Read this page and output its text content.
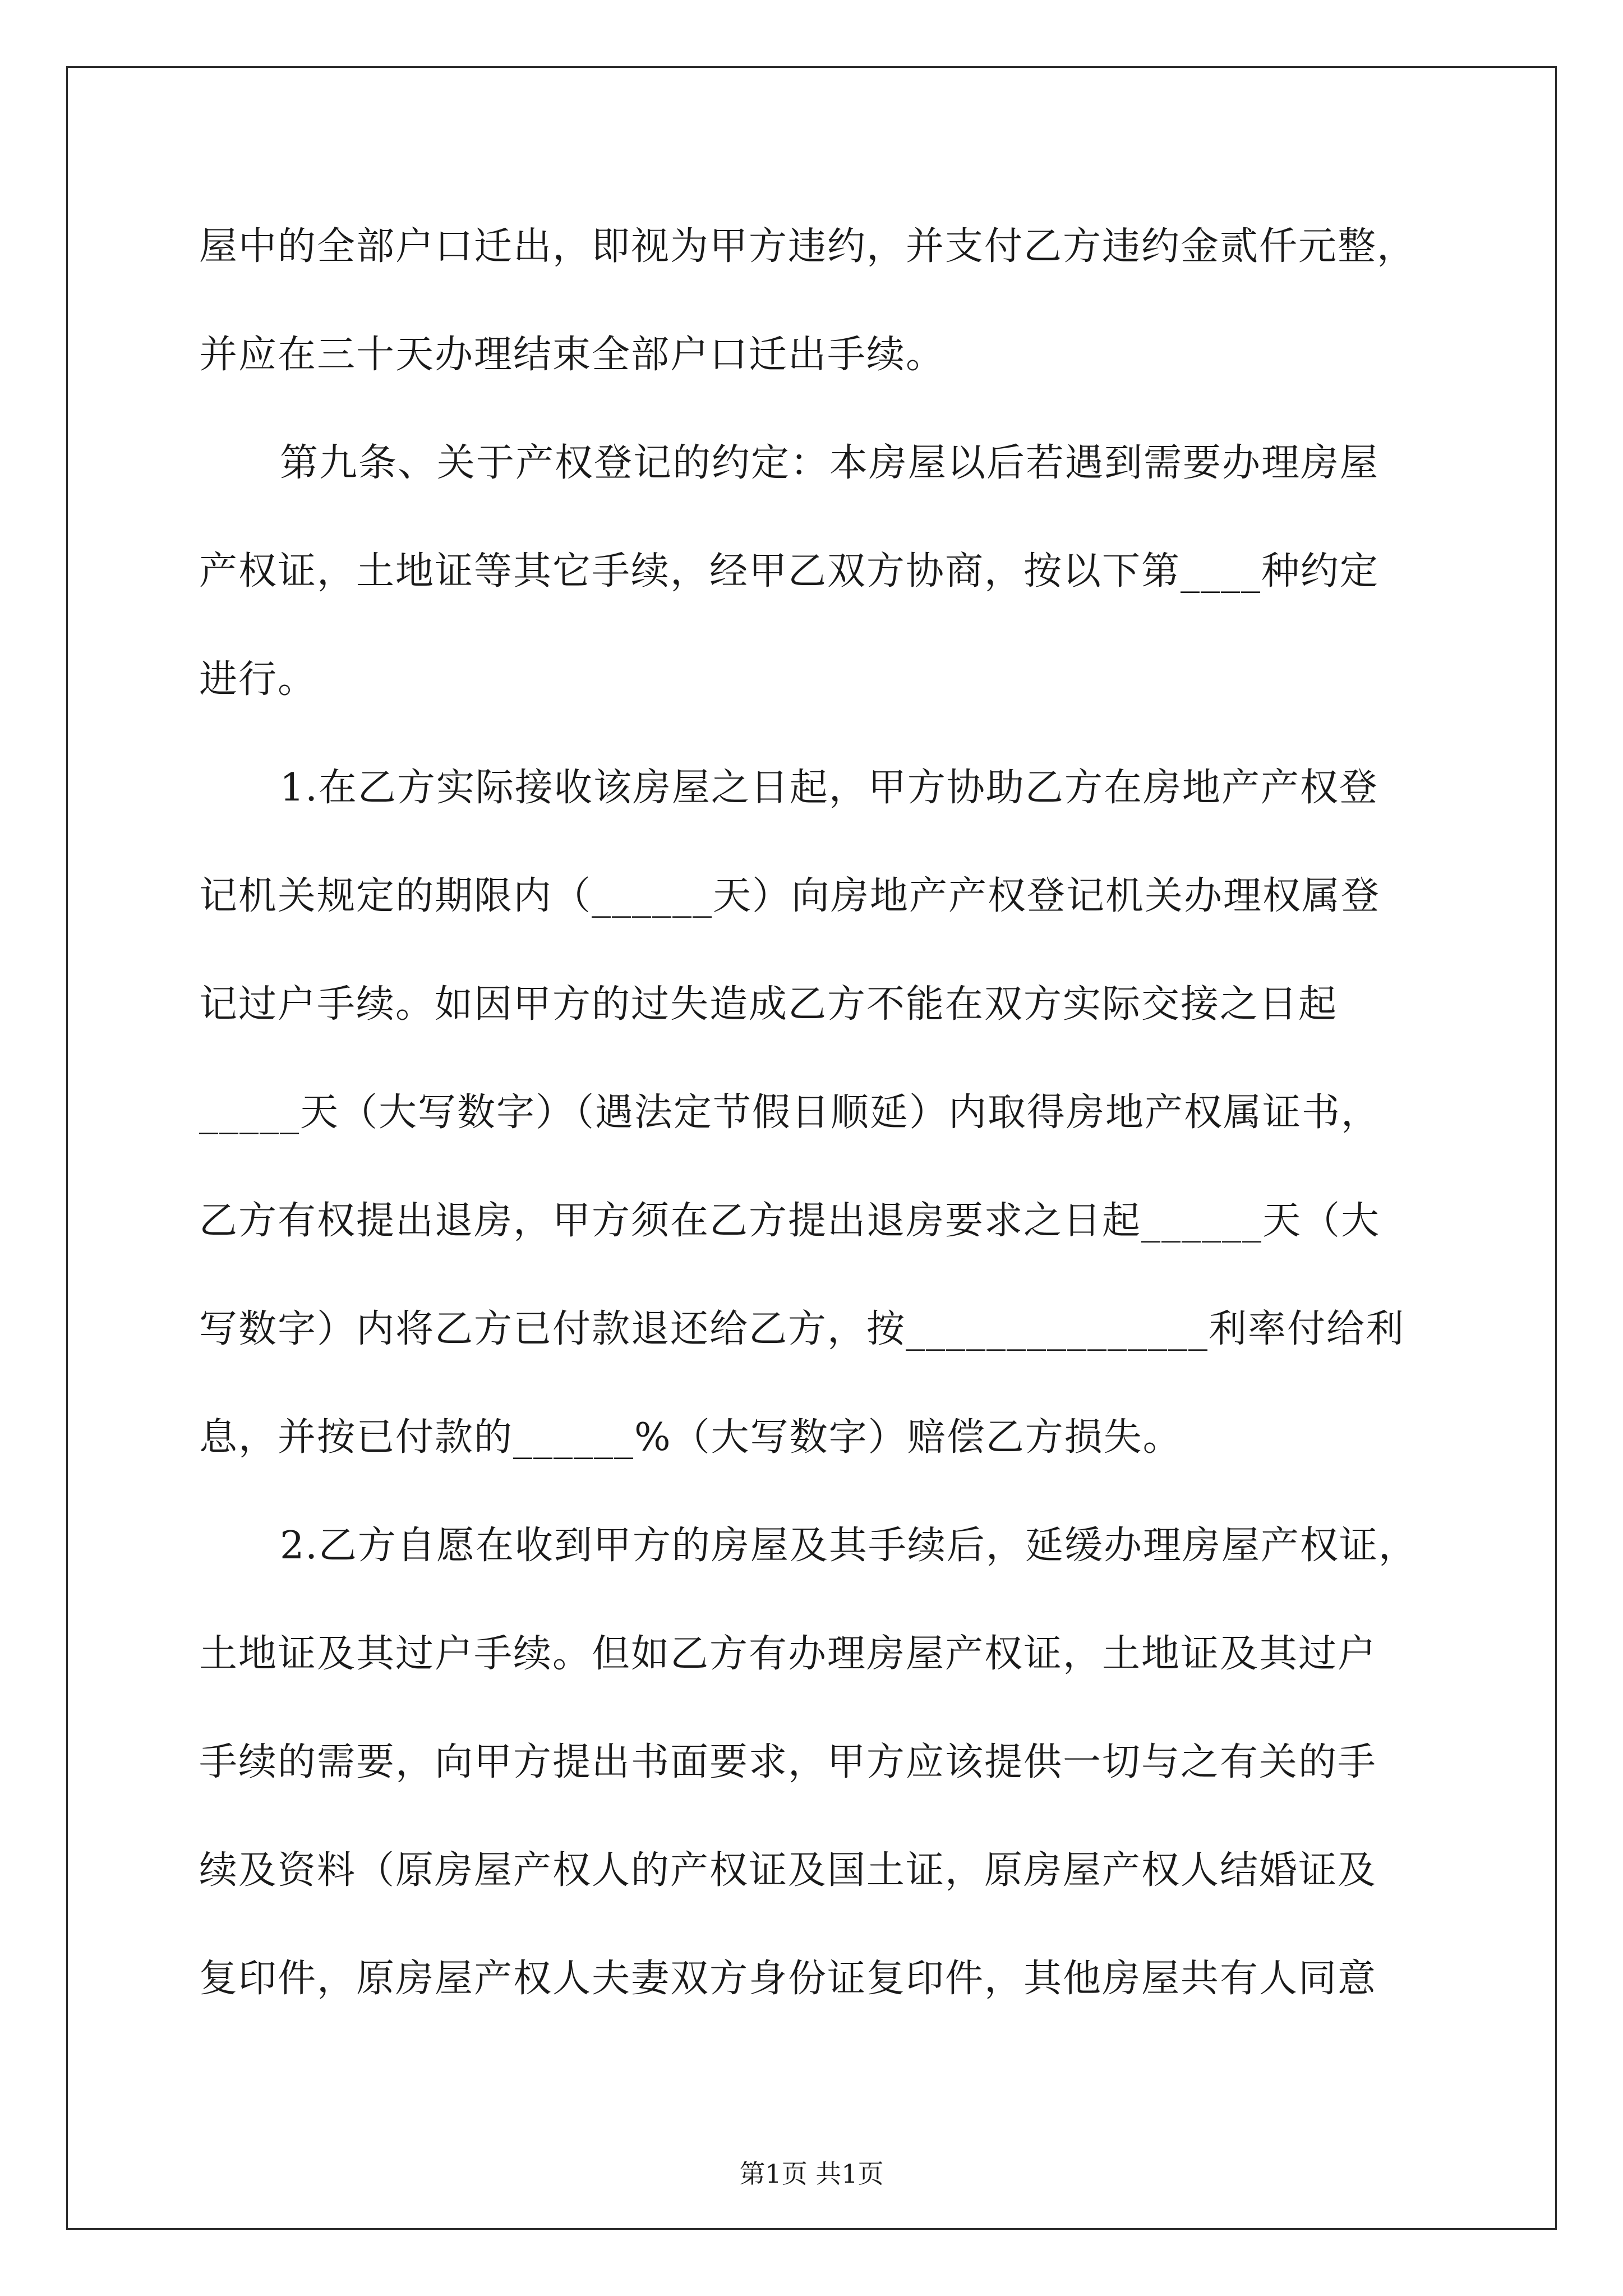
屋中的全部户口迁出，即视为甲方违约，并支付乙方违约金贰仟元整，
并应在三十天办理结束全部户口迁出手续。
第九条、关于产权登记的约定：本房屋以后若遇到需要办理房屋
产权证，土地证等其它手续，经甲乙双方协商，按以下第____种约定
进行。
1.在乙方实际接收该房屋之日起，甲方协助乙方在房地产产权登
记机关规定的期限内（______天）向房地产产权登记机关办理权属登
记过户手续。如因甲方的过失造成乙方不能在双方实际交接之日起
_____天（大写数字）（遇法定节假日顺延）内取得房地产权属证书，
乙方有权提出退房，甲方须在乙方提出退房要求之日起______天（大
写数字）内将乙方已付款退还给乙方，按_______________利率付给利
息，并按已付款的______%（大写数字）赔偿乙方损失。
2.乙方自愿在收到甲方的房屋及其手续后，延缓办理房屋产权证，
土地证及其过户手续。但如乙方有办理房屋产权证，土地证及其过户
手续的需要，向甲方提出书面要求，甲方应该提供一切与之有关的手
续及资料（原房屋产权人的产权证及国土证，原房屋产权人结婚证及
复印件，原房屋产权人夫妻双方身份证复印件，其他房屋共有人同意
第1页 共1页
